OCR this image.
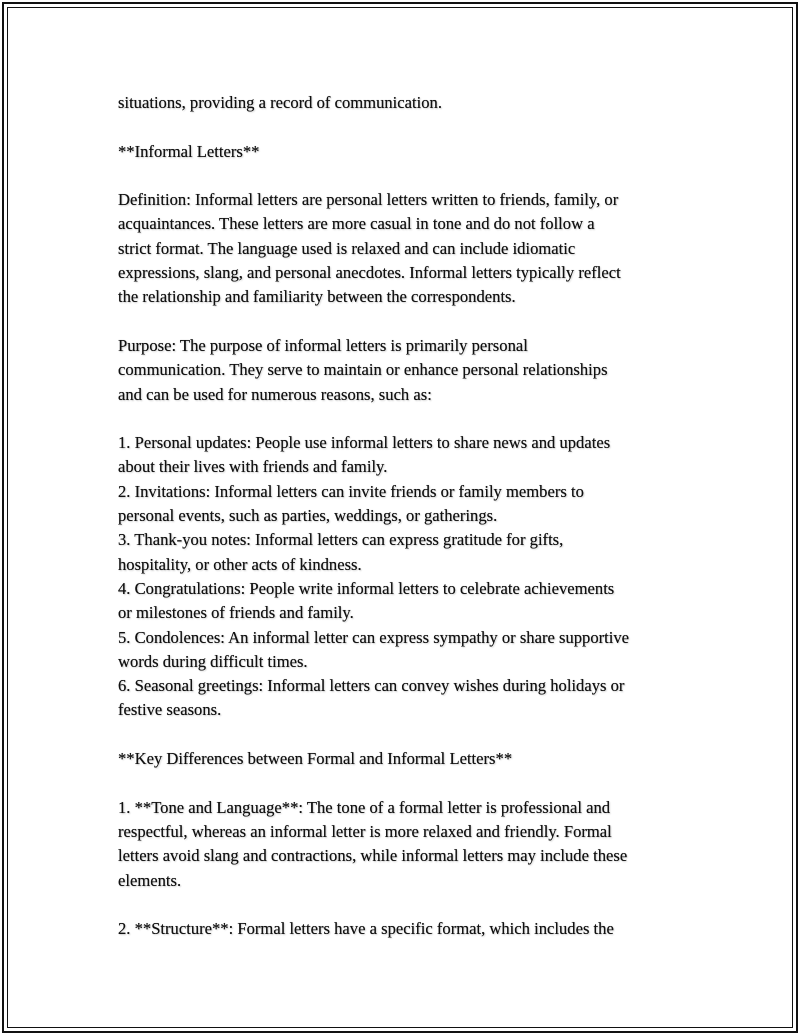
situations, providing a record of communication.

**Informal Letters**

Definition: Informal letters are personal letters written to friends, family, or
acquaintances. These letters are more casual in tone and do not follow a
strict format. The language used is relaxed and can include idiomatic
expressions, slang, and personal anecdotes. Informal letters typically reflect
the relationship and familiarity between the correspondents.

Purpose: The purpose of informal letters is primarily personal
communication. They serve to maintain or enhance personal relationships
and can be used for numerous reasons, such as:

1. Personal updates: People use informal letters to share news and updates
about their lives with friends and family.
2. Invitations: Informal letters can invite friends or family members to
personal events, such as parties, weddings, or gatherings.
3. Thank-you notes: Informal letters can express gratitude for gifts,
hospitality, or other acts of kindness.
4. Congratulations: People write informal letters to celebrate achievements
or milestones of friends and family.
5. Condolences: An informal letter can express sympathy or share supportive
words during difficult times.
6. Seasonal greetings: Informal letters can convey wishes during holidays or
festive seasons.

**Key Differences between Formal and Informal Letters**

1. **Tone and Language**: The tone of a formal letter is professional and
respectful, whereas an informal letter is more relaxed and friendly. Formal
letters avoid slang and contractions, while informal letters may include these
elements.

2. **Structure**: Formal letters have a specific format, which includes the
